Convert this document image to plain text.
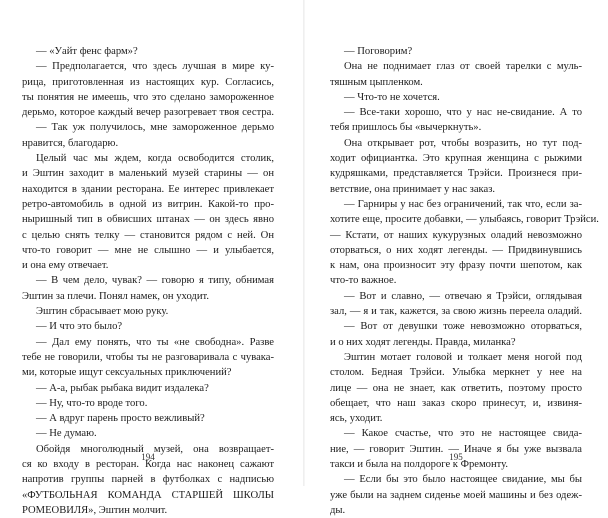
— «Уайт фенс фарм»?
— Предполагается, что здесь лучшая в мире ку-
рица, приготовленная из настоящих кур. Согласись,
ты понятия не имеешь, что это сделано замороженное
дерьмо, которое каждый вечер разогревает твоя сестра.
— Так уж получилось, мне замороженное дерьмо
нравится, благодарю.
Целый час мы ждем, когда освободится столик,
и Эштин заходит в маленький музей старины — он
находится в здании ресторана. Ее интерес привлекает
ретро-автомобиль в одной из витрин. Какой-то про-
ныришный тип в обвисших штанах — он здесь явно
с целью снять телку — становится рядом с ней. Он
что-то говорит — мне не слышно — и улыбается,
и она ему отвечает.
— В чем дело, чувак? — говорю я типу, обнимая
Эштин за плечи. Понял намек, он уходит.
Эштин сбрасывает мою руку.
— И что это было?
— Дал ему понять, что ты «не свободна». Разве
тебе не говорили, чтобы ты не разговаривала с чувака-
ми, которые ищут сексуальных приключений?
— А-а, рыбак рыбака видит издалека?
— Ну, что-то вроде того.
— А вдруг парень просто вежливый?
— Не думаю.
Обойдя многолюдный музей, она возвращает-
ся ко входу в ресторан. Когда нас наконец сажают
напротив группы парней в футболках с надписью
«ФУТБОЛЬНАЯ КОМАНДА СТАРШЕЙ ШКОЛЫ
РОМЕОВИЛЯ», Эштин молчит.
194
— Поговорим?
Она не поднимает глаз от своей тарелки с муль-
тяшным цыпленком.
— Что-то не хочется.
— Все-таки хорошо, что у нас не-свидание. А то
тебя пришлось бы «вычеркнуть».
Она открывает рот, чтобы возразить, но тут под-
ходит официантка. Это крупная женщина с рыжими
кудряшками, представляется Трэйси. Произнеся при-
ветствие, она принимает у нас заказ.
— Гарниры у нас без ограничений, так что, если за-
хотите еще, просите добавки, — улыбаясь, говорит Трэйси.
— Кстати, от наших кукурузных оладий невозможно
оторваться, о них ходят легенды. — Придвинувшись
к нам, она произносит эту фразу почти шепотом, как
что-то важное.
— Вот и славно, — отвечаю я Трэйси, оглядывая
зал, — я и так, кажется, за свою жизнь переела оладий.
— Вот от девушки тоже невозможно оторваться,
и о них ходят легенды. Правда, миланка?
Эштин мотает головой и толкает меня ногой под
столом. Бедная Трэйси. Улыбка меркнет у нее на
лице — она не знает, как ответить, поэтому просто
обещает, что наш заказ скоро принесут, и, извиня-
ясь, уходит.
— Какое счастье, что это не настоящее свида-
ние, — говорит Эштин. — Иначе я бы уже вызвала
такси и была на полдороге к Фремонту.
— Если бы это было настоящее свидание, мы бы
уже были на заднем сиденье моей машины и без одеж-
ды.
195
